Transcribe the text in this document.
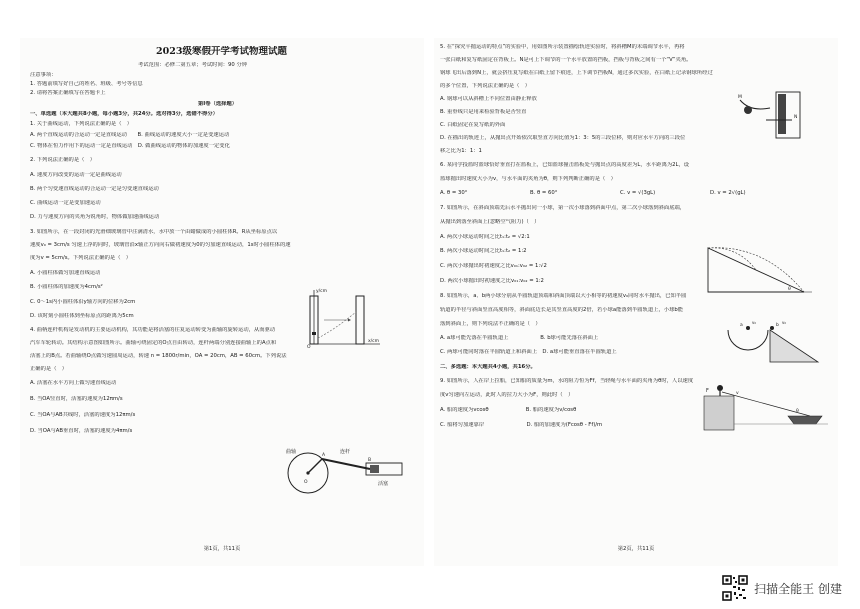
2023级寒假开学考试物理试题
考试范围：必修二第五章；考试时间：90 分钟
注意事项：
1. 答题前填写好自己的姓名、班级、考号等信息
2. 请将答案正确填写在答题卡上
第Ⅰ卷（选择题）
一、单选题（本大题共8小题，每小题3分，共24分。选对得3分，选错不得分）
1. 关于曲线运动，下列说法正确的是（　）
A. 两个直线运动的合运动一定是直线运动　　B. 曲线运动的速度大小一定是变速运动
C. 物体在恒力作用下的运动一定是直线运动　D. 做曲线运动的物体的加速度一定变化
2. 下列说法正确的是（　）
A. 速度方向改变的运动一定是曲线运动
B. 两个匀变速直线运动的合运动一定是匀变速直线运动
C. 曲线运动一定是变加速运动
D. 力与速度方向的夹角为锐角时，物体做加速曲线运动
3. 如图所示，在一段封闭的光滑细玻璃管中注满清水，水中放一个由蜡做成的小圆柱体R。R从坐标原点以
速度v₀ = 3cm/s 匀速上浮的同时，玻璃管沿x轴正方向向右做初速度为0的匀加速直线运动，1s时小圆柱体的速
度为v = 5cm/s。下列说法正确的是（　）
A. 小圆柱体做匀加速直线运动
B. 小圆柱体的加速度为4cm/s²
C. 0～1s内小圆柱体沿y轴方向的位移为2cm
D. 该时刻小圆柱体到坐标原点的距离为5cm
4. 曲柄连杆机构是发动机的主要运动机构，其功能是将活塞的往复运动转变为曲轴的旋转运动，从而驱动
汽车车轮转动。其结构示意图如图所示。曲轴可绕固定的O点自由转动，连杆两端分别连接曲轴上的A点和
活塞上的B点。若曲轴绕O点做匀速圆周运动，转速 n = 1800r/min，OA = 20cm，AB = 60cm。下列说法
正确的是（　）
A. 活塞在水平方向上做匀速直线运动
B. 当OA竖直时，活塞的速度为12πm/s
C. 当OA与AB共线时，活塞的速度为12πm/s
D. 当OA与AB垂直时，活塞的速度为4πm/s
y/cm
x/cm
O
曲轴	连杆
活塞
O
A
B
第1页，共11页
5. 在“探究平抛运动的特点”的实验中，用如图所示装置描绘轨迹实验时，将斜槽M的末端调节水平，再将
一张白纸和复写纸固定在背板上。N是可上下调节的一个水平放置的挡板，挡板与背板之间有一个“V”夹角。
钢球飞出后落到N上，就会挤压复写纸在白纸上留下痕迹，上下调节挡板N，通过多次实验，在白纸上记录钢球所经过
的多个位置，下列说法正确的是（　）
A. 钢球可以从斜槽上不同位置由静止释放
B. 重垂线只是用来检验背板是否竖直
C. 白纸固定在复写纸的外面
D. 在描出的轨迹上，从抛出点开始依次取竖直方向比值为1：3：5的三段位移，则对应水平方向的三段位
移之比为1：1：1
6. 某同学投篮时篮球恰好垂直打在篮板上，已知篮球撞击篮板处与抛出点的高度差为L，水平距离为2L，设
篮球抛出时速度大小为v，与水平面的夹角为θ，则下列判断正确的是（　）
A. θ = 30°	B. θ = 60°	C. v = √(3gL)	D. v = 2√(gL)
7. 如图所示，在斜面顶端先后水平抛出同一小球，第一次小球落到斜面中点，第二次小球落到斜面底端，
从抛出到落至斜面上(忽略空气阻力)（　）
A. 两次小球运动时间之比t₁:t₂ = √2:1
B. 两次小球运动时间之比t₁:t₂ = 1:2
C. 两次小球抛出时初速度之比v₀₁:v₀₂ = 1:√2
D. 两次小球抛出时初速度之比v₀₁:v₀₂ = 1:2
8. 如图所示，a、b两小球分别从半圆轨道顶端和斜面顶端以大小相等的初速度v₀同时水平抛出，已知半圆
轨道的半径与斜面竖直高度相等，斜面底边长是其竖直高度的2倍，若小球a能落到半圆轨道上，小球b能
落到斜面上，则下列说法不正确的是（　）
A. a球可能先落在半圆轨道上　　　　　　B. b球可能先落在斜面上
C. 两球可能同时落在半圆轨道上和斜面上　D. a球可能垂直落在半圆轨道上
二、多选题：本大题共4小题，共16分。
9. 如图所示，人在岸上拉船，已知船的质量为m，水的阻力恒为Ff，当轻绳与水平面的夹角为θ时，人以速度
度v匀速向左运动，此时人的拉力大小为F，则此时（　）
A. 船的速度为vcosθ　　　　　　　B. 船的速度为v/cosθ
C. 船将匀加速靠岸　　　　　　　　D. 船的加速度为(Fcosθ - Ff)/m
M
N
θ
a	b
v₀	v₀
F	v
θ
第2页，共11页
扫描全能王 创建
